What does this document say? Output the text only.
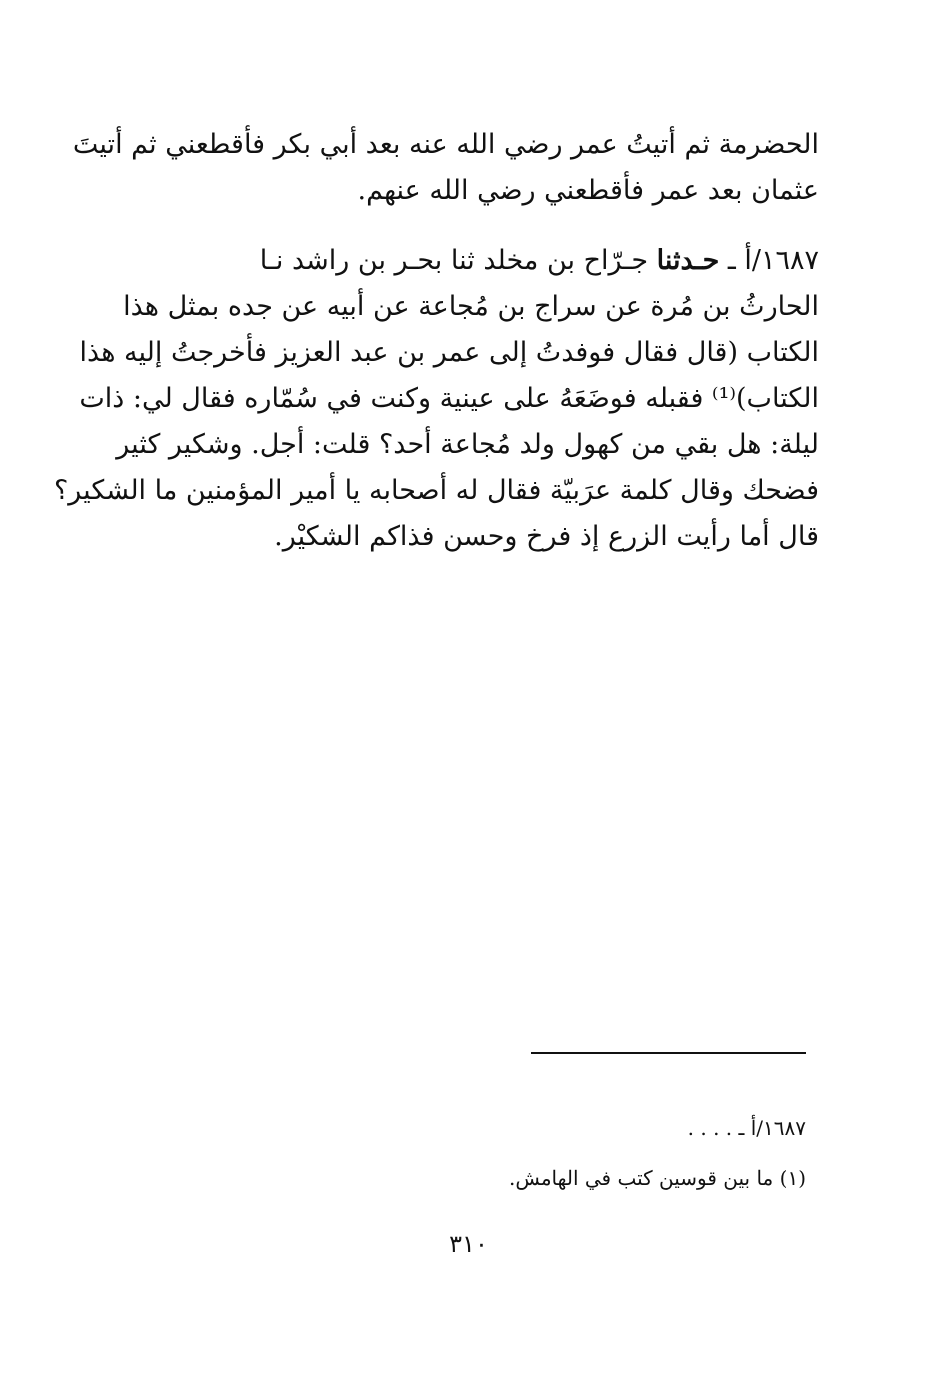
الحضرمة ثم أتيتُ عمر رضي الله عنه بعد أبي بكر فأقطعني ثم أتيتَ
عثمان بعد عمر فأقطعني رضي الله عنهم.
١٦٨٧/أ ـ حـدثنا جـرّاح بن مخلد ثنا بحـر بن راشد نـا
الحارثُ بن مُرة عن سراج بن مُجاعة عن أبيه عن جده بمثل هذا
الكتاب (قال فقال فوفدتُ إلى عمر بن عبد العزيز فأخرجتُ إليه هذا
الكتاب)⁽¹⁾ فقبله فوضَعَهُ على عينية وكنت في سُمّاره فقال لي: ذات
ليلة: هل بقي من كهول ولد مُجاعة أحد؟ قلت: أجل. وشكير كثير
فضحك وقال كلمة عرَبيّة فقال له أصحابه يا أمير المؤمنين ما الشكير؟
قال أما رأيت الزرع إذ فرخ وحسن فذاكم الشكيْر.
١٦٨٧/أ ـ . . . .
(١) ما بين قوسين كتب في الهامش.
٣١٠
